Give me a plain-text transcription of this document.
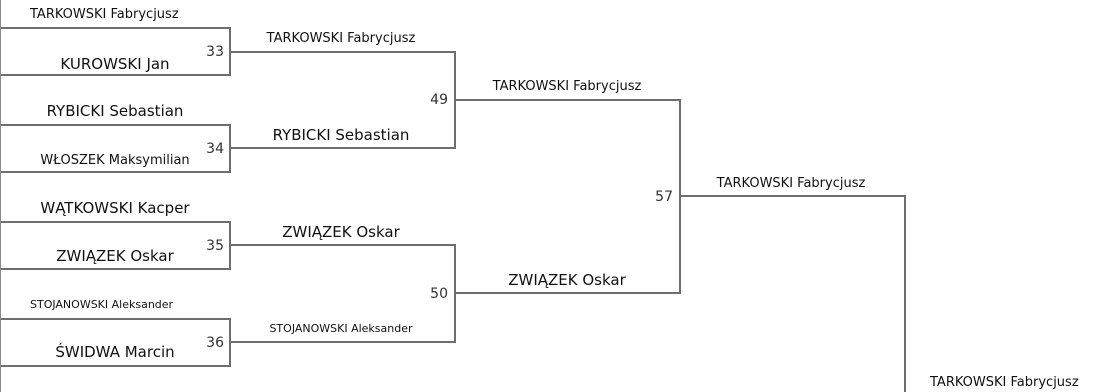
TARKOWSKI Fabrycjusz
KUROWSKI Jan
33
RYBICKI Sebastian
WŁOSZEK Maksymilian
34
WĄTKOWSKI Kacper
ZWIĄZEK Oskar
35
STOJANOWSKI Aleksander
ŚWIDWA Marcin	36
TARKOWSKI Fabrycjusz
RYBICKI Sebastian
49
ZWIĄZEK Oskar
STOJANOWSKI Aleksander
50
TARKOWSKI Fabrycjusz
ZWIĄZEK Oskar
57
TARKOWSKI Fabrycjusz
TARKOWSKI Fabrycjusz
